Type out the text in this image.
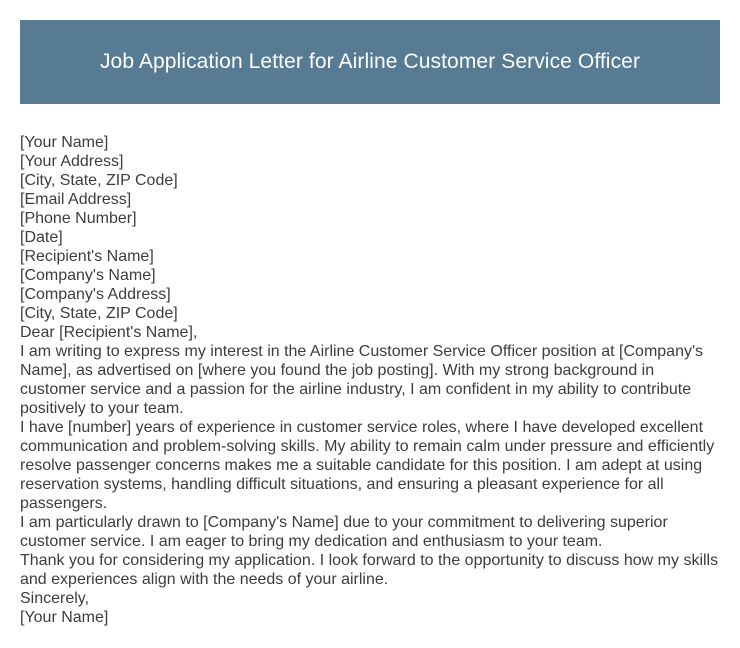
Job Application Letter for Airline Customer Service Officer
[Your Name]
[Your Address]
[City, State, ZIP Code]
[Email Address]
[Phone Number]
[Date]
[Recipient's Name]
[Company's Name]
[Company's Address]
[City, State, ZIP Code]

Dear [Recipient's Name],

I am writing to express my interest in the Airline Customer Service Officer position at [Company's Name], as advertised on [where you found the job posting]. With my strong background in customer service and a passion for the airline industry, I am confident in my ability to contribute positively to your team.

I have [number] years of experience in customer service roles, where I have developed excellent communication and problem-solving skills. My ability to remain calm under pressure and efficiently resolve passenger concerns makes me a suitable candidate for this position. I am adept at using reservation systems, handling difficult situations, and ensuring a pleasant experience for all passengers.

I am particularly drawn to [Company's Name] due to your commitment to delivering superior customer service. I am eager to bring my dedication and enthusiasm to your team.

Thank you for considering my application. I look forward to the opportunity to discuss how my skills and experiences align with the needs of your airline.

Sincerely,

[Your Name]
